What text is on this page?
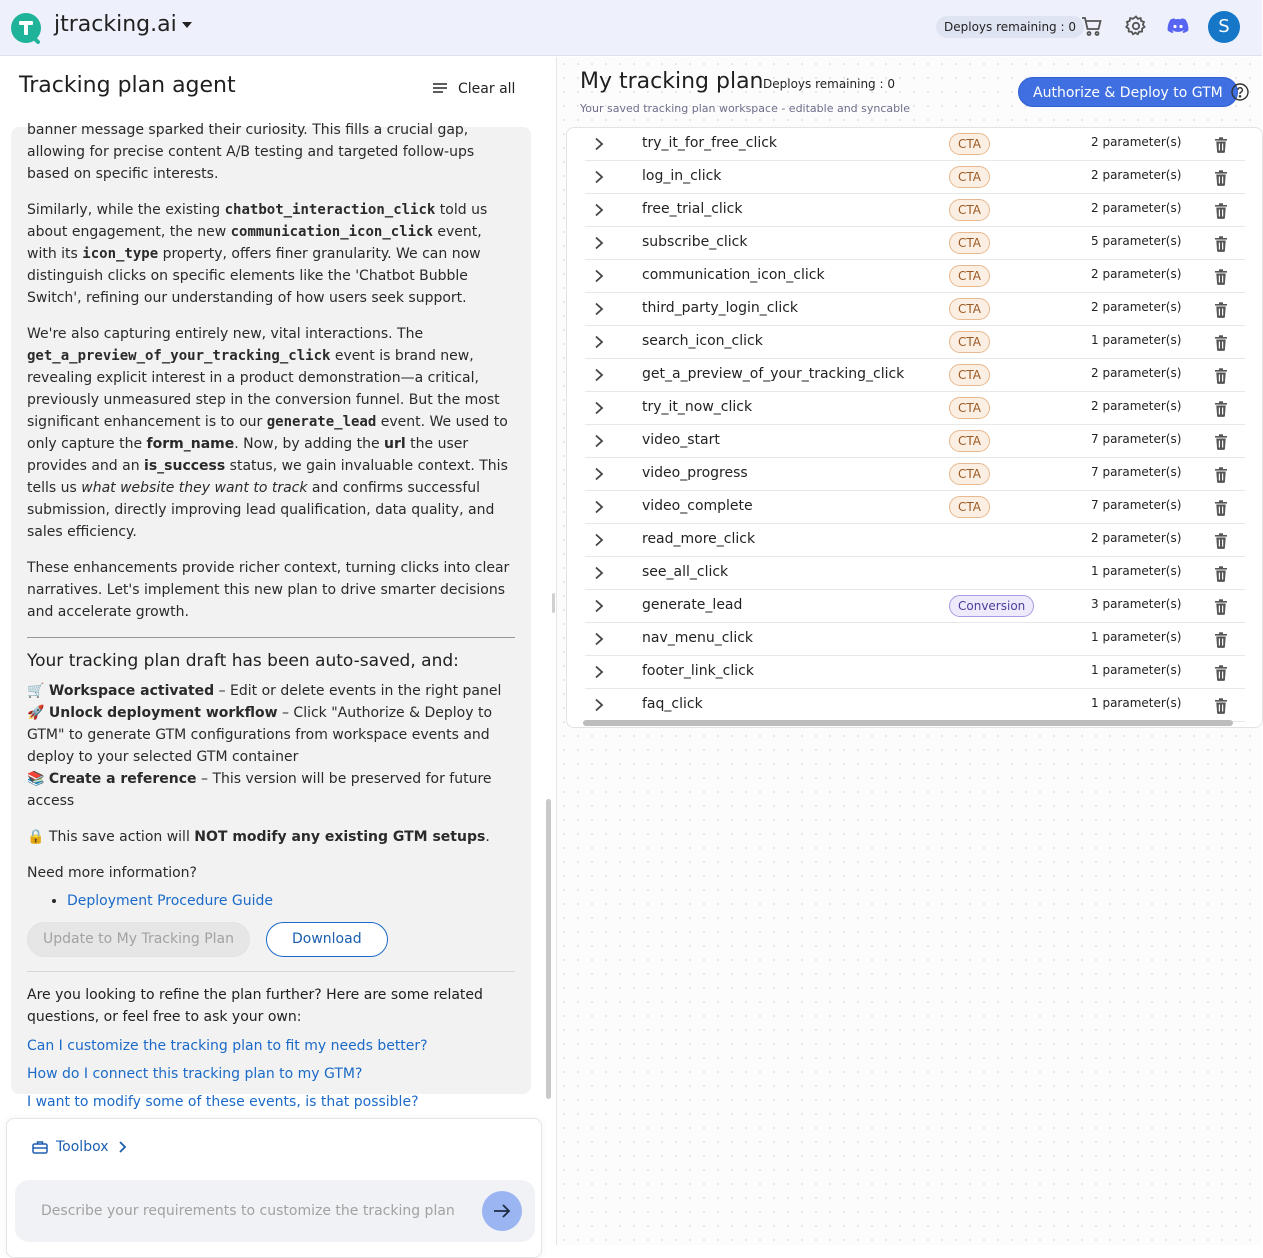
jtracking.ai	Deploys remaining : 0	S
Tracking plan agent	Clear all

banner message sparked their curiosity. This fills a crucial gap, allowing for precise content A/B testing and targeted follow-ups based on specific interests.

Similarly, while the existing chatbot_interaction_click told us about engagement, the new communication_icon_click event, with its icon_type property, offers finer granularity. We can now distinguish clicks on specific elements like the 'Chatbot Bubble Switch', refining our understanding of how users seek support.

We're also capturing entirely new, vital interactions. The get_a_preview_of_your_tracking_click event is brand new, revealing explicit interest in a product demonstration—a critical, previously unmeasured step in the conversion funnel. But the most significant enhancement is to our generate_lead event. We used to only capture the form_name. Now, by adding the url the user provides and an is_success status, we gain invaluable context. This tells us what website they want to track and confirms successful submission, directly improving lead qualification, data quality, and sales efficiency.

These enhancements provide richer context, turning clicks into clear narratives. Let's implement this new plan to drive smarter decisions and accelerate growth.

Your tracking plan draft has been auto-saved, and:
🛒 Workspace activated – Edit or delete events in the right panel
🚀 Unlock deployment workflow – Click "Authorize & Deploy to GTM" to generate GTM configurations from workspace events and deploy to your selected GTM container
📚 Create a reference – This version will be preserved for future access

🔒 This save action will NOT modify any existing GTM setups.

Need more information?
• Deployment Procedure Guide
Update to My Tracking Plan	Download
Are you looking to refine the plan further? Here are some related questions, or feel free to ask your own:
Can I customize the tracking plan to fit my needs better?
How do I connect this tracking plan to my GTM?
I want to modify some of these events, is that possible?
Toolbox
Describe your requirements to customize the tracking plan
My tracking plan Deploys remaining : 0
Your saved tracking plan workspace - editable and syncable
Authorize & Deploy to GTM
try_it_for_free_click	CTA	2 parameter(s)
log_in_click	CTA	2 parameter(s)
free_trial_click	CTA	2 parameter(s)
subscribe_click	CTA	5 parameter(s)
communication_icon_click	CTA	2 parameter(s)
third_party_login_click	CTA	2 parameter(s)
search_icon_click	CTA	1 parameter(s)
get_a_preview_of_your_tracking_click	CTA	2 parameter(s)
try_it_now_click	CTA	2 parameter(s)
video_start	CTA	7 parameter(s)
video_progress	CTA	7 parameter(s)
video_complete	CTA	7 parameter(s)
read_more_click	2 parameter(s)
see_all_click	1 parameter(s)
generate_lead	Conversion	3 parameter(s)
nav_menu_click	1 parameter(s)
footer_link_click	1 parameter(s)
faq_click	1 parameter(s)
